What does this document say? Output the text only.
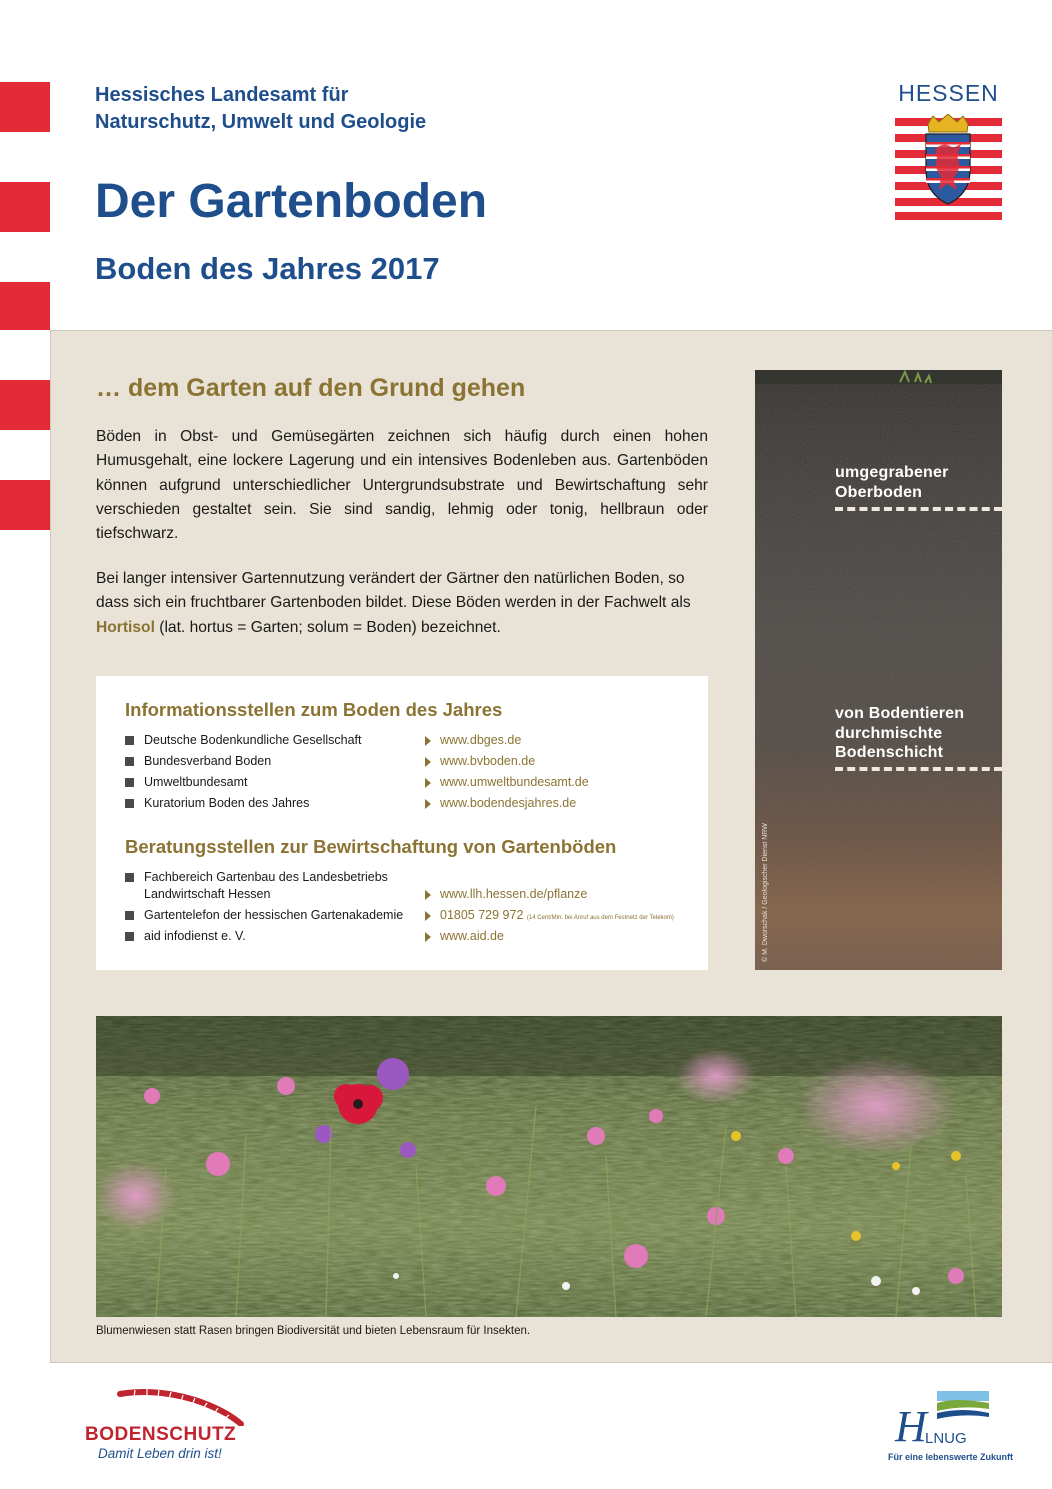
Hessisches Landesamt für
Naturschutz, Umwelt und Geologie
Der Gartenboden
Boden des Jahres 2017
HESSEN
… dem Garten auf den Grund gehen

Böden in Obst- und Gemüsegärten zeichnen sich häufig durch einen hohen Humusgehalt, eine lockere Lagerung und ein intensives Bodenleben aus. Gartenböden können aufgrund unterschiedlicher Untergrundsubstrate und Bewirtschaftung sehr verschieden gestaltet sein. Sie sind sandig, lehmig oder tonig, hellbraun oder tiefschwarz.

Bei langer intensiver Gartennutzung verändert der Gärtner den natürlichen Boden, so dass sich ein fruchtbarer Gartenboden bildet. Diese Böden werden in der Fachwelt als Hortisol (lat. hortus = Garten; solum = Boden) bezeichnet.

umgegrabener
Oberboden
von Bodentieren
durchmischte
Bodenschicht
© M. Dworschak / Geologischer Dienst NRW
Informationsstellen zum Boden des Jahres
Deutsche Bodenkundliche Gesellschaft	www.dbges.de
Bundesverband Boden	www.bvboden.de
Umweltbundesamt	www.umweltbundesamt.de
Kuratorium Boden des Jahres	www.bodendesjahres.de
Beratungsstellen zur Bewirtschaftung von Gartenböden
Fachbereich Gartenbau des Landesbetriebs
Landwirtschaft Hessen	www.llh.hessen.de/pflanze
Gartentelefon der hessischen Gartenakademie	01805 729 972 (14 Cent/Min. bei Anruf aus dem Festnetz der Telekom)
aid infodienst e. V.	www.aid.de
Blumenwiesen statt Rasen bringen Biodiversität und bieten Lebensraum für Insekten.
BODENSCHUTZ
Damit Leben drin ist!
H
LNUG
Für eine lebenswerte Zukunft
